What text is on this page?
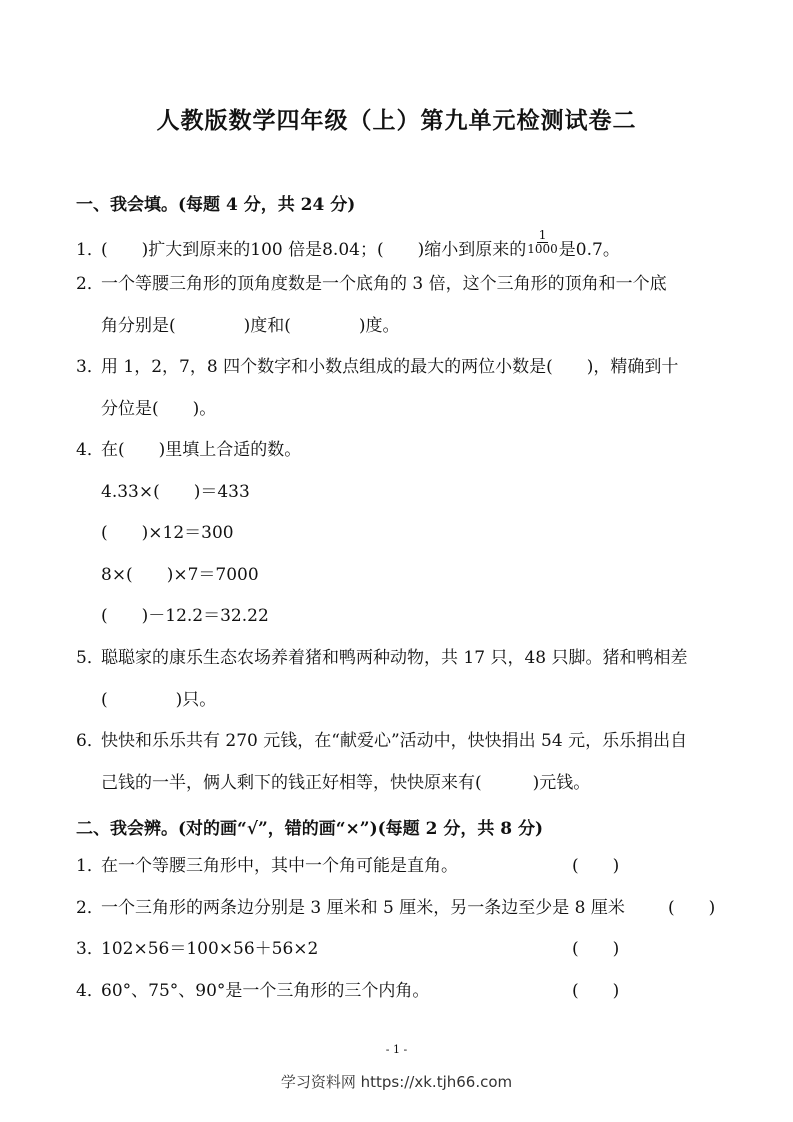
人教版数学四年级（上）第九单元检测试卷二
一、我会填。(每题 4 分，共 24 分)
1．(　　)扩大到原来的100 倍是8.04；(　　)缩小到原来的 $\frac{1}{1000}$ 是0.7。
2．一个等腰三角形的顶角度数是一个底角的 3 倍，这个三角形的顶角和一个底
角分别是(　　　　)度和(　　　　)度。
3．用 1，2，7，8 四个数字和小数点组成的最大的两位小数是(　　)，精确到十
分位是(　　)。
4．在(　　)里填上合适的数。
4.33×(　　)＝433
(　　)×12＝300
8×(　　)×7＝7000
(　　)－12.2＝32.22
5．聪聪家的康乐生态农场养着猪和鸭两种动物，共 17 只，48 只脚。猪和鸭相差
(　　　　)只。
6．快快和乐乐共有 270 元钱，在“献爱心”活动中，快快捐出 54 元，乐乐捐出自
己钱的一半，俩人剩下的钱正好相等，快快原来有(　　　)元钱。
二、我会辨。(对的画“√”，错的画“×”)(每题 2 分，共 8 分)
1．在一个等腰三角形中，其中一个角可能是直角。	(　　)
2．一个三角形的两条边分别是 3 厘米和 5 厘米，另一条边至少是 8 厘米	(　　)
3．102×56＝100×56＋56×2	(　　)
4．60°、75°、90°是一个三角形的三个内角。	(　　)
- 1 -
学习资料网 https://xk.tjh66.com
